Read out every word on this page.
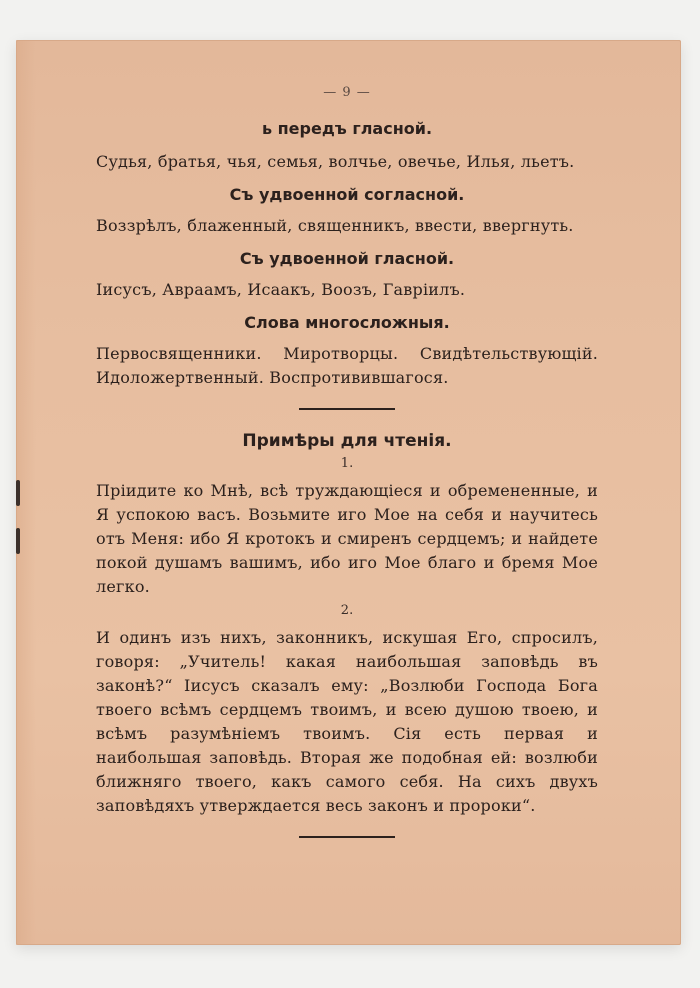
— 9 —
ь передъ гласной.

Судья, братья, чья, семья, волчье, овечье, Илья, льетъ.

Съ удвоенной согласной.

Воззрѣлъ, блаженный, священникъ, ввести, ввергнуть.

Съ удвоенной гласной.

Іисусъ, Авраамъ, Исаакъ, Воозъ, Гавріилъ.

Слова многосложныя.

Первосвященники. Миротворцы. Свидѣтельствующій. Идоложертвенный. Воспротивившагося.

Примѣры для чтенія.
1.

Пріидите ко Мнѣ, всѣ труждающіеся и обремененные, и Я успокою васъ. Возьмите иго Мое на себя и научитесь отъ Меня: ибо Я кротокъ и смиренъ сердцемъ; и найдете покой душамъ вашимъ, ибо иго Мое благо и бремя Мое легко.

2.

И одинъ изъ нихъ, законникъ, искушая Его, спросилъ, говоря: „Учитель! какая наибольшая заповѣдь въ законѣ?“ Іисусъ сказалъ ему: „Возлюби Господа Бога твоего всѣмъ сердцемъ твоимъ, и всею душою твоею, и всѣмъ разумѣніемъ твоимъ. Сія есть первая и наибольшая заповѣдь. Вторая же подобная ей: возлюби ближняго твоего, какъ самого себя. На сихъ двухъ заповѣдяхъ утверждается весь законъ и пророки“.
